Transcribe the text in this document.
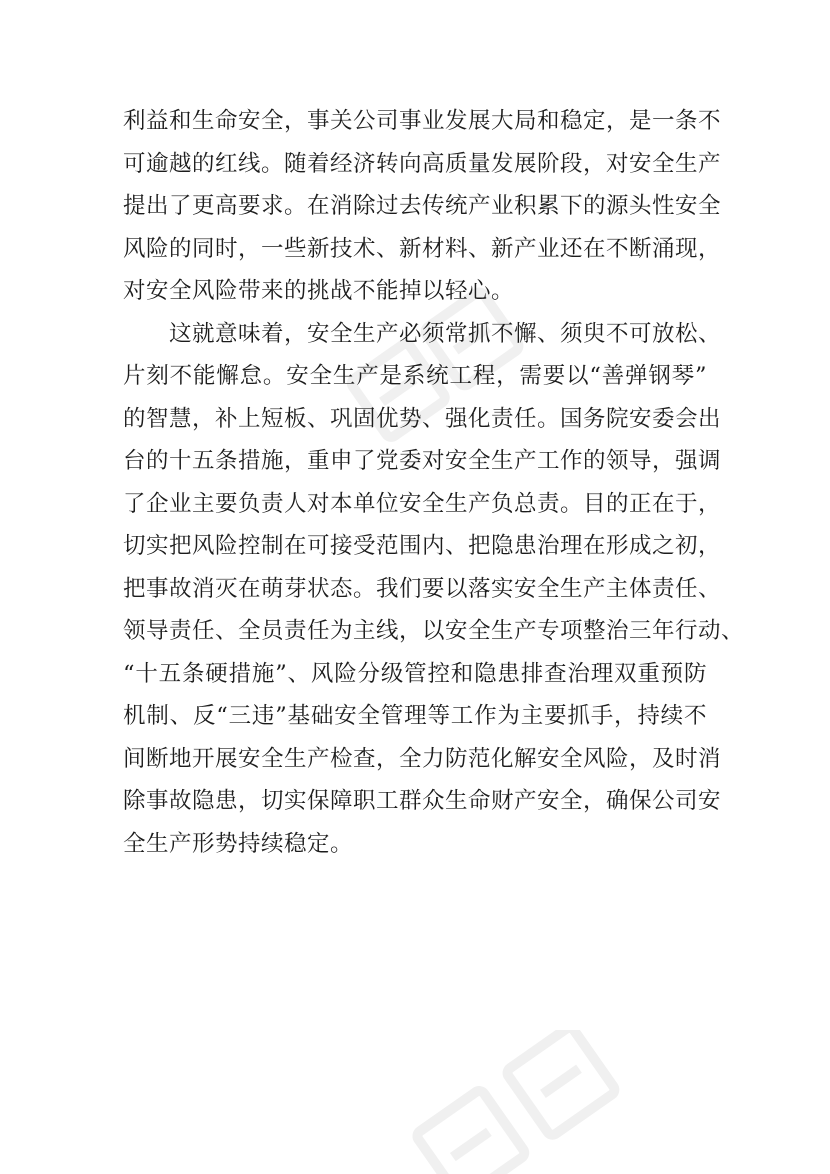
利益和生命安全，事关公司事业发展大局和稳定，是一条不
可逾越的红线。随着经济转向高质量发展阶段，对安全生产
提出了更高要求。在消除过去传统产业积累下的源头性安全
风险的同时，一些新技术、新材料、新产业还在不断涌现，
对安全风险带来的挑战不能掉以轻心。
这就意味着，安全生产必须常抓不懈、须臾不可放松、
片刻不能懈怠。安全生产是系统工程，需要以“善弹钢琴”
的智慧，补上短板、巩固优势、强化责任。国务院安委会出
台的十五条措施，重申了党委对安全生产工作的领导，强调
了企业主要负责人对本单位安全生产负总责。目的正在于，
切实把风险控制在可接受范围内、把隐患治理在形成之初，
把事故消灭在萌芽状态。我们要以落实安全生产主体责任、
领导责任、全员责任为主线，以安全生产专项整治三年行动、
“十五条硬措施”、风险分级管控和隐患排查治理双重预防
机制、反“三违”基础安全管理等工作为主要抓手，持续不
间断地开展安全生产检查，全力防范化解安全风险，及时消
除事故隐患，切实保障职工群众生命财产安全，确保公司安
全生产形势持续稳定。
